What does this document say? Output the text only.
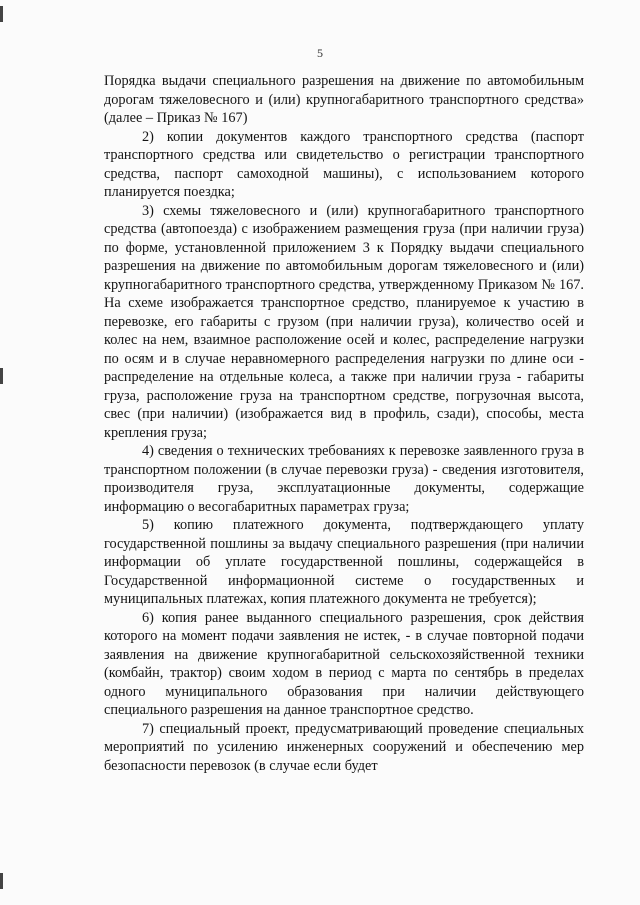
5

Порядка выдачи специального разрешения на движение по автомобильным дорогам тяжеловесного и (или) крупногабаритного транспортного средства» (далее – Приказ № 167)

2) копии документов каждого транспортного средства (паспорт транспортного средства или свидетельство о регистрации транспортного средства, паспорт самоходной машины), с использованием которого планируется поездка;

3) схемы тяжеловесного и (или) крупногабаритного транспортного средства (автопоезда) с изображением размещения груза (при наличии груза) по форме, установленной приложением 3 к Порядку выдачи специального разрешения на движение по автомобильным дорогам тяжеловесного и (или) крупногабаритного транспортного средства, утвержденному Приказом № 167. На схеме изображается транспортное средство, планируемое к участию в перевозке, его габариты с грузом (при наличии груза), количество осей и колес на нем, взаимное расположение осей и колес, распределение нагрузки по осям и в случае неравномерного распределения нагрузки по длине оси - распределение на отдельные колеса, а также при наличии груза - габариты груза, расположение груза на транспортном средстве, погрузочная высота, свес (при наличии) (изображается вид в профиль, сзади), способы, места крепления груза;

4) сведения о технических требованиях к перевозке заявленного груза в транспортном положении (в случае перевозки груза) - сведения изготовителя, производителя груза, эксплуатационные документы, содержащие информацию о весогабаритных параметрах груза;

5) копию платежного документа, подтверждающего уплату государственной пошлины за выдачу специального разрешения (при наличии информации об уплате государственной пошлины, содержащейся в Государственной информационной системе о государственных и муниципальных платежах, копия платежного документа не требуется);

6) копия ранее выданного специального разрешения, срок действия которого на момент подачи заявления не истек, - в случае повторной подачи заявления на движение крупногабаритной сельскохозяйственной техники (комбайн, трактор) своим ходом в период с марта по сентябрь в пределах одного муниципального образования при наличии действующего специального разрешения на данное транспортное средство.

7) специальный проект, предусматривающий проведение специальных мероприятий по усилению инженерных сооружений и обеспечению мер безопасности перевозок (в случае если будет
